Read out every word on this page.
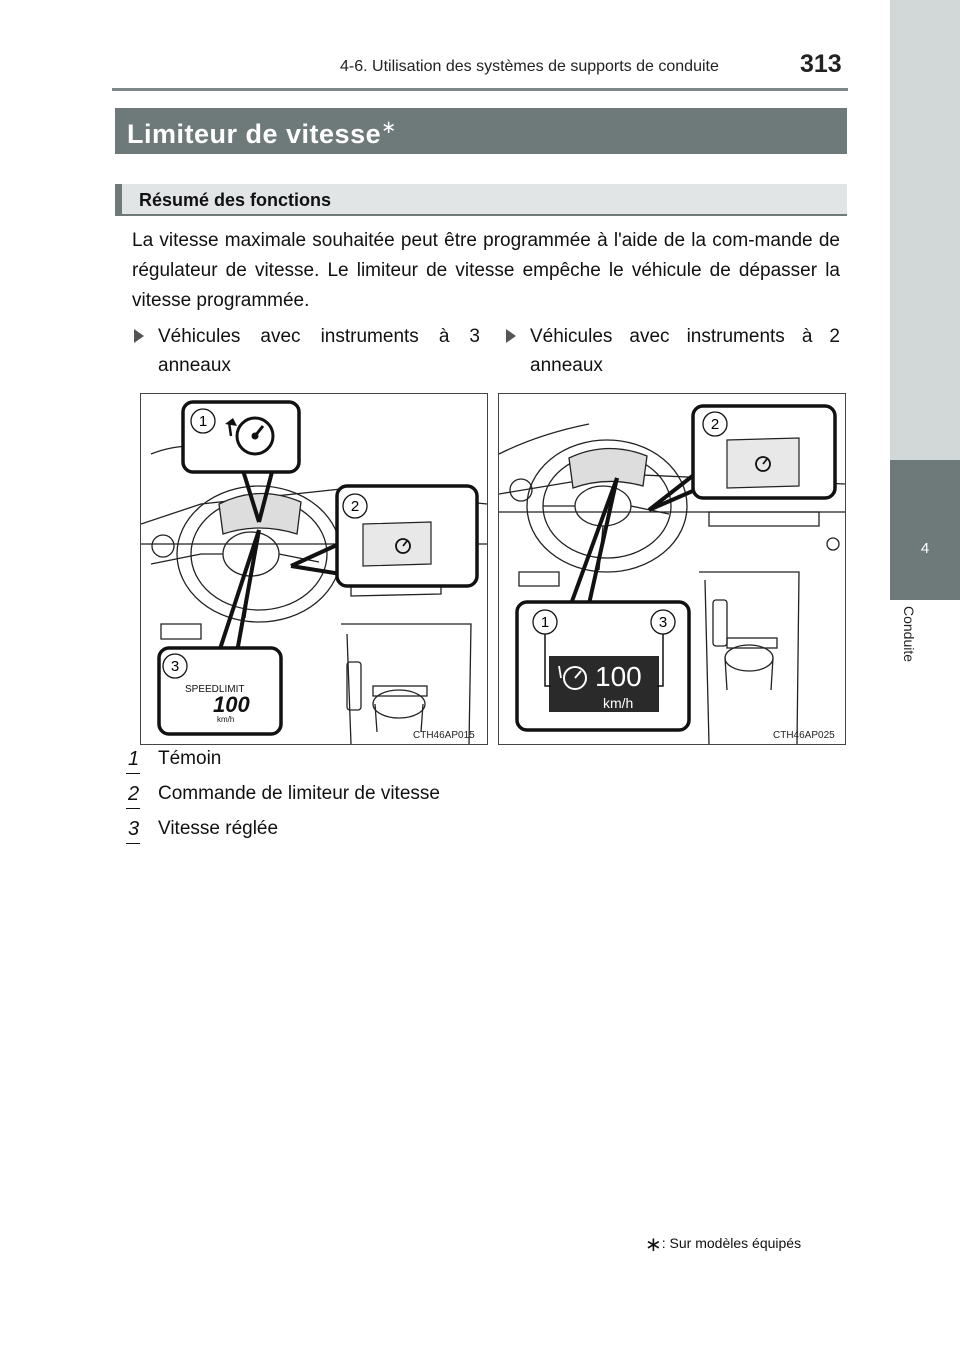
4-6. Utilisation des systèmes de supports de conduite	313
4
Conduite
Limiteur de vitesse∗
Résumé des fonctions
La vitesse maximale souhaitée peut être programmée à l'aide de la com-mande de régulateur de vitesse. Le limiteur de vitesse empêche le véhicule de dépasser la vitesse programmée.
Véhicules avec instruments à 3 anneaux
Véhicules avec instruments à 2 anneaux
1
2
3
SPEEDLIMIT
100
km/h
CTH46AP015
2
1	3
100
km/h
CTH46AP025
1 Témoin
2 Commande de limiteur de vitesse
3 Vitesse réglée
∗: Sur modèles équipés
